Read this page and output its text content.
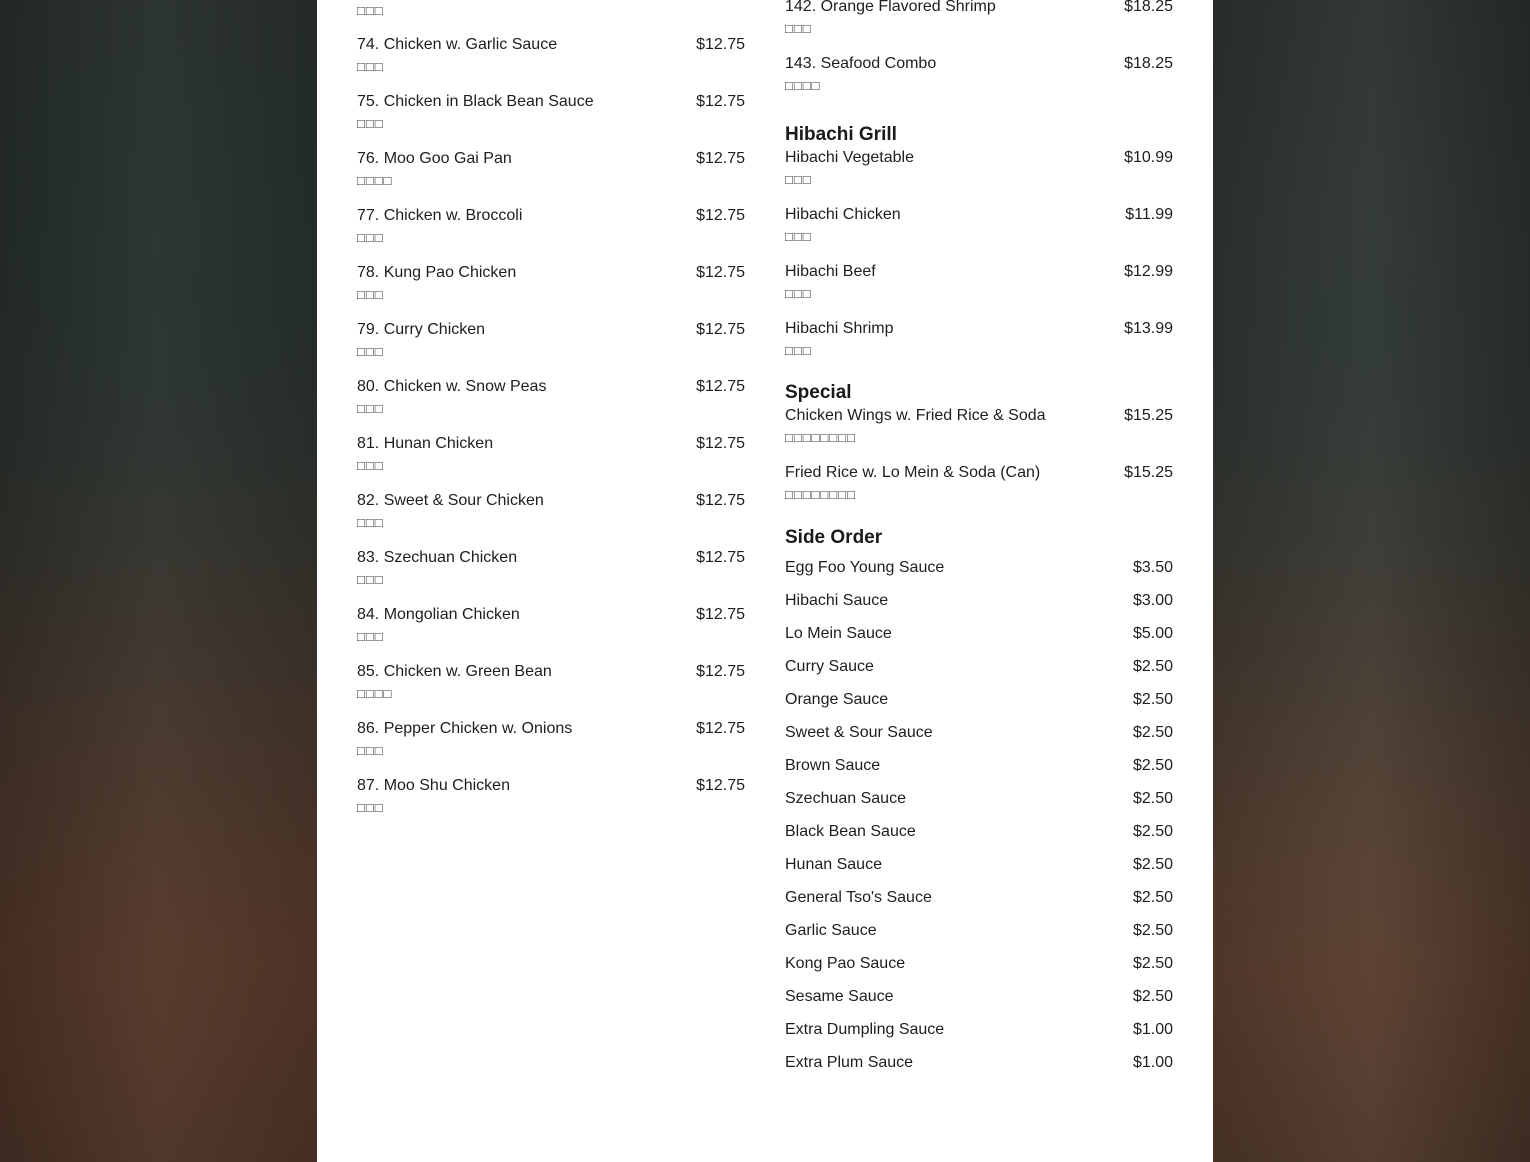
□□□
74. Chicken w. Garlic Sauce	$12.75
□□□
75. Chicken in Black Bean Sauce	$12.75
□□□
76. Moo Goo Gai Pan	$12.75
□□□□
77. Chicken w. Broccoli	$12.75
□□□
78. Kung Pao Chicken	$12.75
□□□
79. Curry Chicken	$12.75
□□□
80. Chicken w. Snow Peas	$12.75
□□□
81. Hunan Chicken	$12.75
□□□
82. Sweet & Sour Chicken	$12.75
□□□
83. Szechuan Chicken	$12.75
□□□
84. Mongolian Chicken	$12.75
□□□
85. Chicken w. Green Bean	$12.75
□□□□
86. Pepper Chicken w. Onions	$12.75
□□□
87. Moo Shu Chicken	$12.75
□□□
142. Orange Flavored Shrimp	$18.25
□□□
143. Seafood Combo	$18.25
□□□□
Hibachi Grill
Hibachi Vegetable	$10.99
□□□
Hibachi Chicken	$11.99
□□□
Hibachi Beef	$12.99
□□□
Hibachi Shrimp	$13.99
□□□
Special
Chicken Wings w. Fried Rice & Soda	$15.25
□□□□□□□□
Fried Rice w. Lo Mein & Soda (Can)	$15.25
□□□□□□□□
Side Order
Egg Foo Young Sauce	$3.50
Hibachi Sauce	$3.00
Lo Mein Sauce	$5.00
Curry Sauce	$2.50
Orange Sauce	$2.50
Sweet & Sour Sauce	$2.50
Brown Sauce	$2.50
Szechuan Sauce	$2.50
Black Bean Sauce	$2.50
Hunan Sauce	$2.50
General Tso's Sauce	$2.50
Garlic Sauce	$2.50
Kong Pao Sauce	$2.50
Sesame Sauce	$2.50
Extra Dumpling Sauce	$1.00
Extra Plum Sauce	$1.00
